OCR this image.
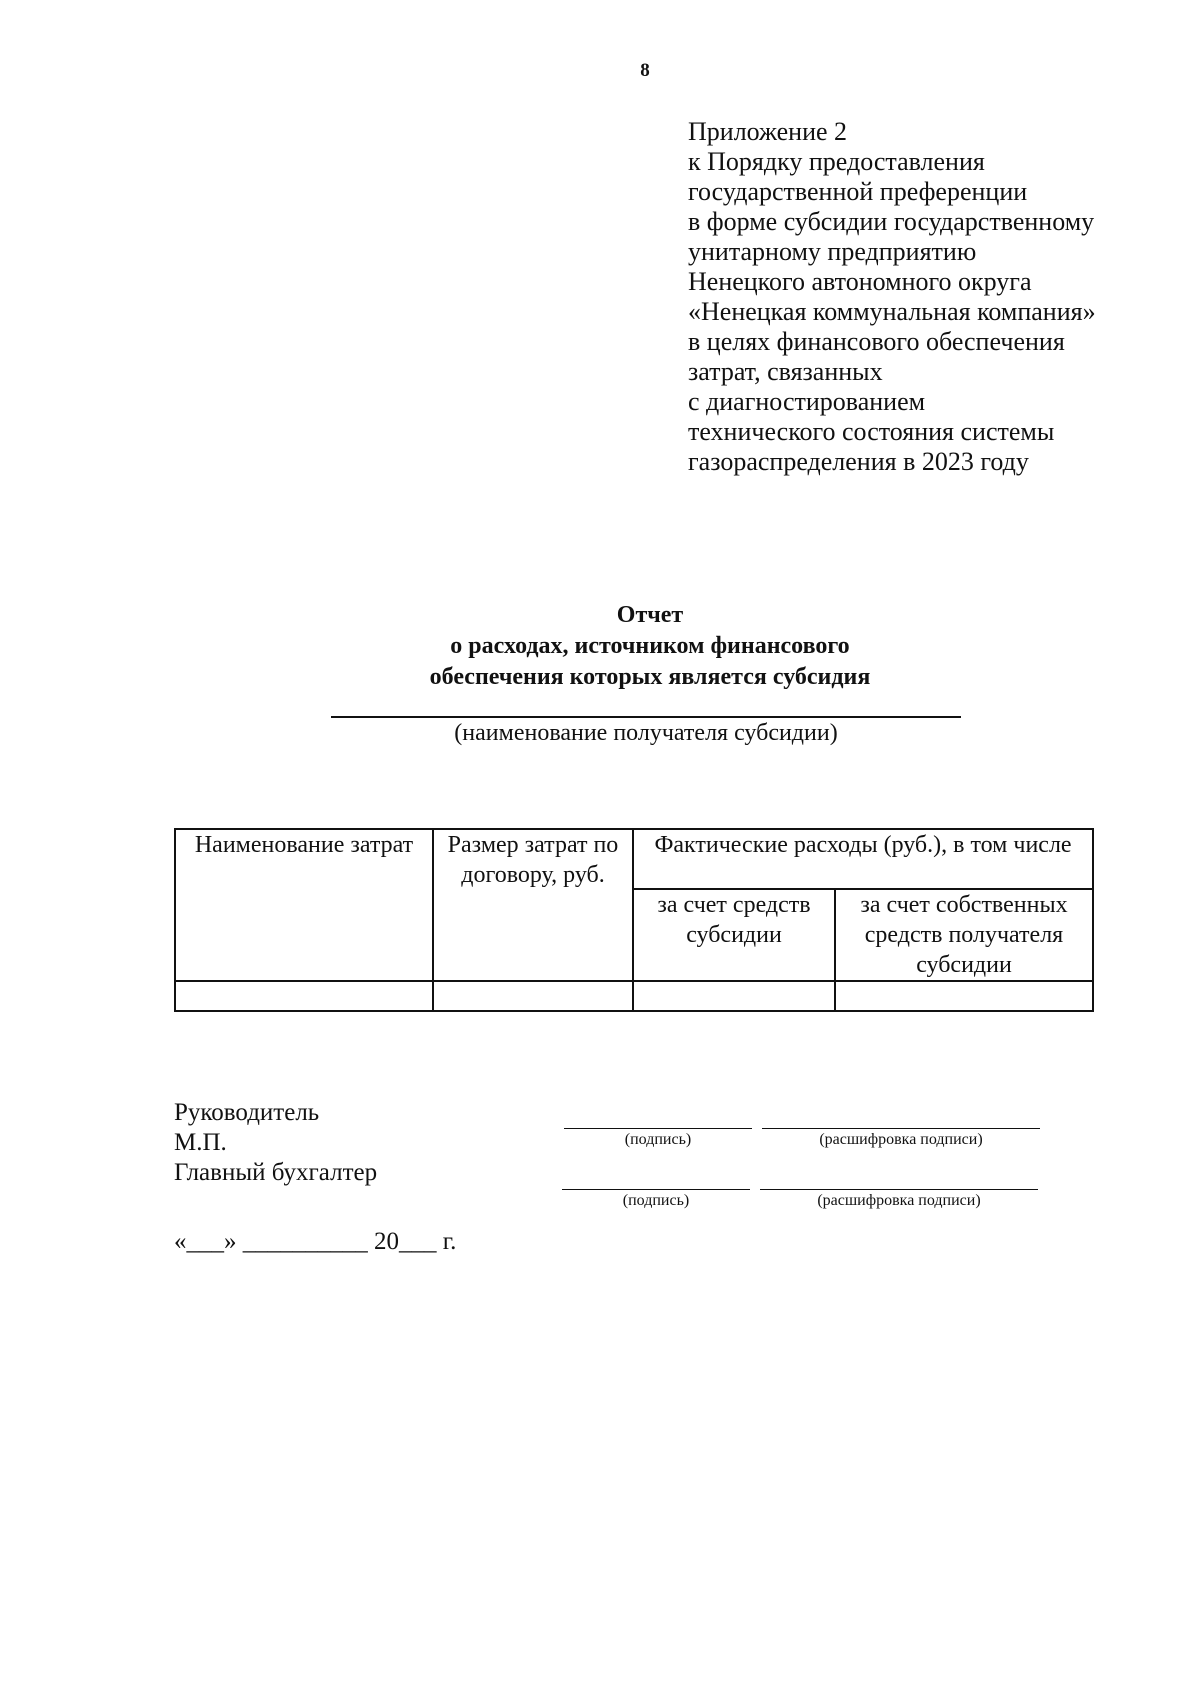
8
Приложение 2
к Порядку предоставления
государственной преференции
в форме субсидии государственному
унитарному предприятию
Ненецкого автономного округа
«Ненецкая коммунальная компания»
в целях финансового обеспечения
затрат, связанных
с диагностированием
технического состояния системы
газораспределения в 2023 году
Отчет
о расходах, источником финансового
обеспечения которых является субсидия
(наименование получателя субсидии)
Наименование затрат	Размер затрат по договору, руб.	Фактические расходы (руб.), в том числе	
		за счет средств субсидии	за счет собственных средств получателя субсидии

Руководитель
М.П.
Главный бухгалтер
(подпись)	(расшифровка подписи)
(подпись)	(расшифровка подписи)
«___» __________ 20___ г.
